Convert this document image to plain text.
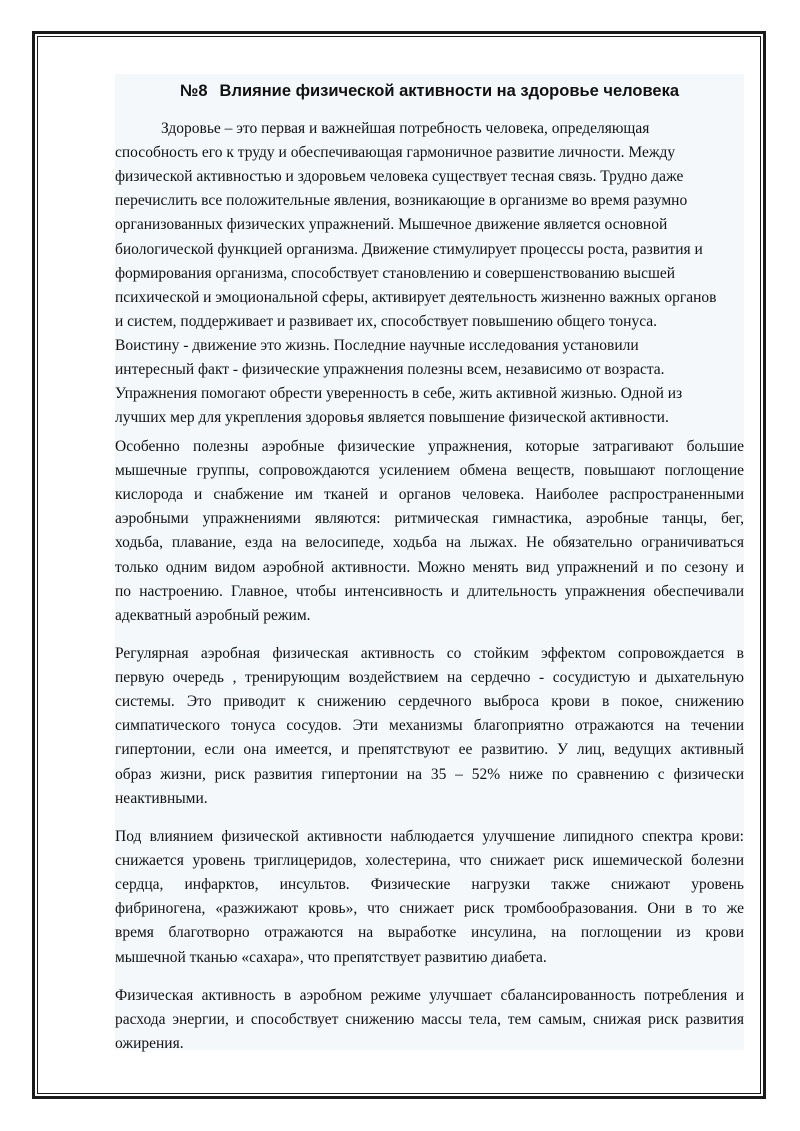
№8 Влияние физической активности на здоровье человека
Здоровье – это первая и важнейшая потребность человека, определяющая
способность его к труду и обеспечивающая гармоничное развитие личности. Между
физической активностью и здоровьем человека существует тесная связь. Трудно даже
перечислить все положительные явления, возникающие в организме во время разумно
организованных физических упражнений. Мышечное движение является основной
биологической функцией организма. Движение стимулирует процессы роста, развития и
формирования организма, способствует становлению и совершенствованию высшей
психической и эмоциональной сферы, активирует деятельность жизненно важных органов
и систем, поддерживает и развивает их, способствует повышению общего тонуса.
Воистину - движение это жизнь. Последние научные исследования установили
интересный факт - физические упражнения полезны всем, независимо от возраста.
Упражнения помогают обрести уверенность в себе, жить активной жизнью. Одной из
лучших мер для укрепления здоровья является повышение физической активности.
Особенно полезны аэробные физические упражнения, которые затрагивают большие
мышечные группы, сопровождаются усилением обмена веществ, повышают поглощение
кислорода и снабжение им тканей и органов человека. Наиболее распространенными
аэробными упражнениями являются: ритмическая гимнастика, аэробные танцы, бег,
ходьба, плавание, езда на велосипеде, ходьба на лыжах. Не обязательно ограничиваться
только одним видом аэробной активности. Можно менять вид упражнений и по сезону и
по настроению. Главное, чтобы интенсивность и длительность упражнения обеспечивали
адекватный аэробный режим.
Регулярная аэробная физическая активность со стойким эффектом сопровождается в
первую очередь , тренирующим воздействием на сердечно - сосудистую и дыхательную
системы. Это приводит к снижению сердечного выброса крови в покое, снижению
симпатического тонуса сосудов. Эти механизмы благоприятно отражаются на течении
гипертонии, если она имеется, и препятствуют ее развитию. У лиц, ведущих активный
образ жизни, риск развития гипертонии на 35 – 52% ниже по сравнению с физически
неактивными.
Под влиянием физической активности наблюдается улучшение липидного спектра крови:
снижается уровень триглицеридов, холестерина, что снижает риск ишемической болезни
сердца, инфарктов, инсультов. Физические нагрузки также снижают уровень
фибриногена, «разжижают кровь», что снижает риск тромбообразования. Они в то же
время благотворно отражаются на выработке инсулина, на поглощении из крови
мышечной тканью «сахара», что препятствует развитию диабета.
Физическая активность в аэробном режиме улучшает сбалансированность потребления и
расхода энергии, и способствует снижению массы тела, тем самым, снижая риск развития
ожирения.
